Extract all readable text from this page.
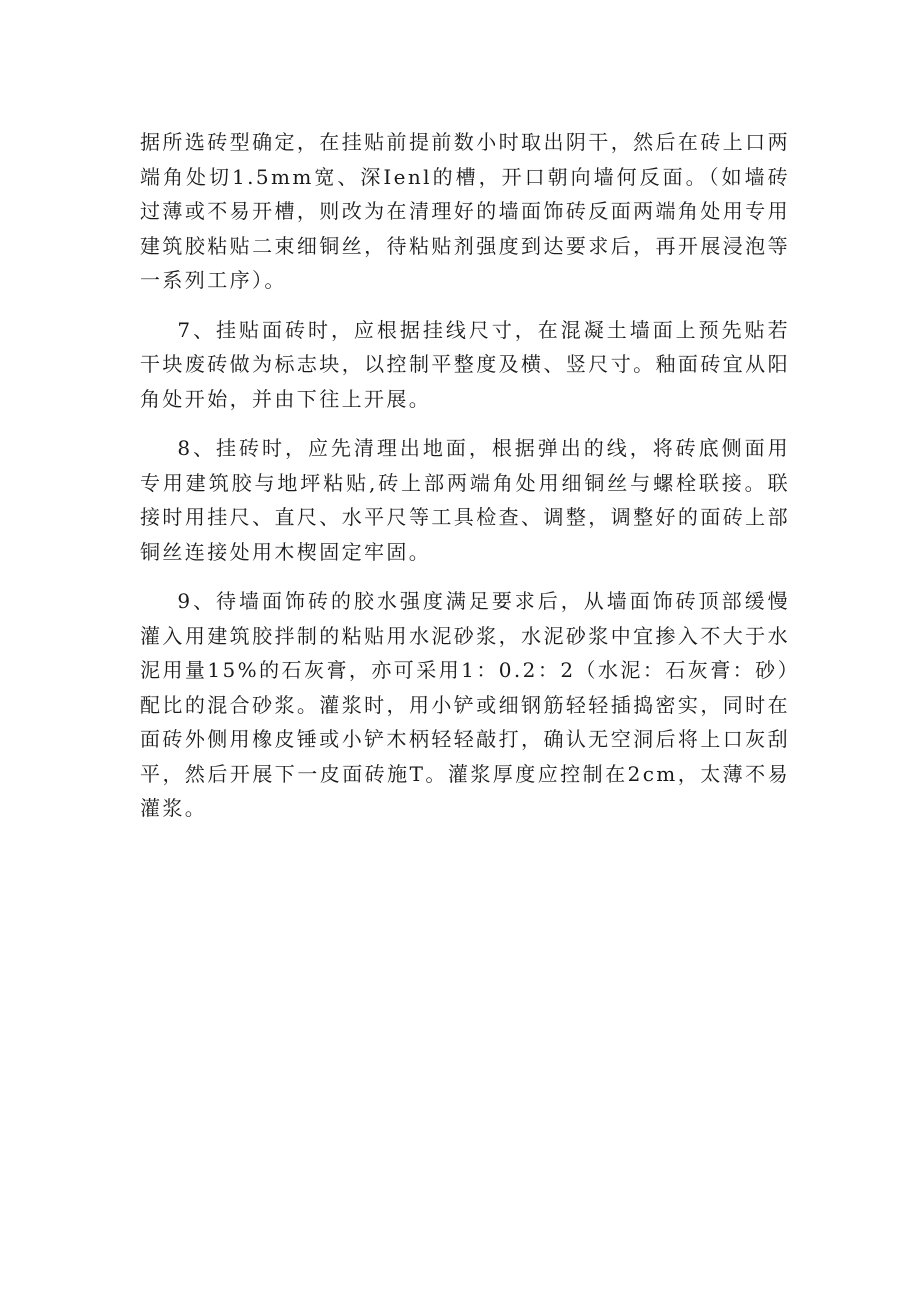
据所选砖型确定，在挂贴前提前数小时取出阴干，然后在砖上口两端角处切1.5mm宽、深Ienl的槽，开口朝向墙何反面。（如墙砖过薄或不易开槽，则改为在清理好的墙面饰砖反面两端角处用专用建筑胶粘贴二束细铜丝，待粘贴剂强度到达要求后，再开展浸泡等一系列工序）。

7、挂贴面砖时，应根据挂线尺寸，在混凝土墙面上预先贴若干块废砖做为标志块，以控制平整度及横、竖尺寸。釉面砖宜从阳角处开始，并由下往上开展。

8、挂砖时，应先清理出地面，根据弹出的线，将砖底侧面用专用建筑胶与地坪粘贴,砖上部两端角处用细铜丝与螺栓联接。联接时用挂尺、直尺、水平尺等工具检查、调整，调整好的面砖上部铜丝连接处用木楔固定牢固。

9、待墙面饰砖的胶水强度满足要求后，从墙面饰砖顶部缓慢灌入用建筑胶拌制的粘贴用水泥砂浆，水泥砂浆中宜掺入不大于水泥用量15%的石灰膏，亦可采用1：0.2：2（水泥：石灰膏：砂）配比的混合砂浆。灌浆时，用小铲或细钢筋轻轻插捣密实，同时在面砖外侧用橡皮锤或小铲木柄轻轻敲打，确认无空洞后将上口灰刮平，然后开展下一皮面砖施T。灌浆厚度应控制在2cm，太薄不易灌浆。
